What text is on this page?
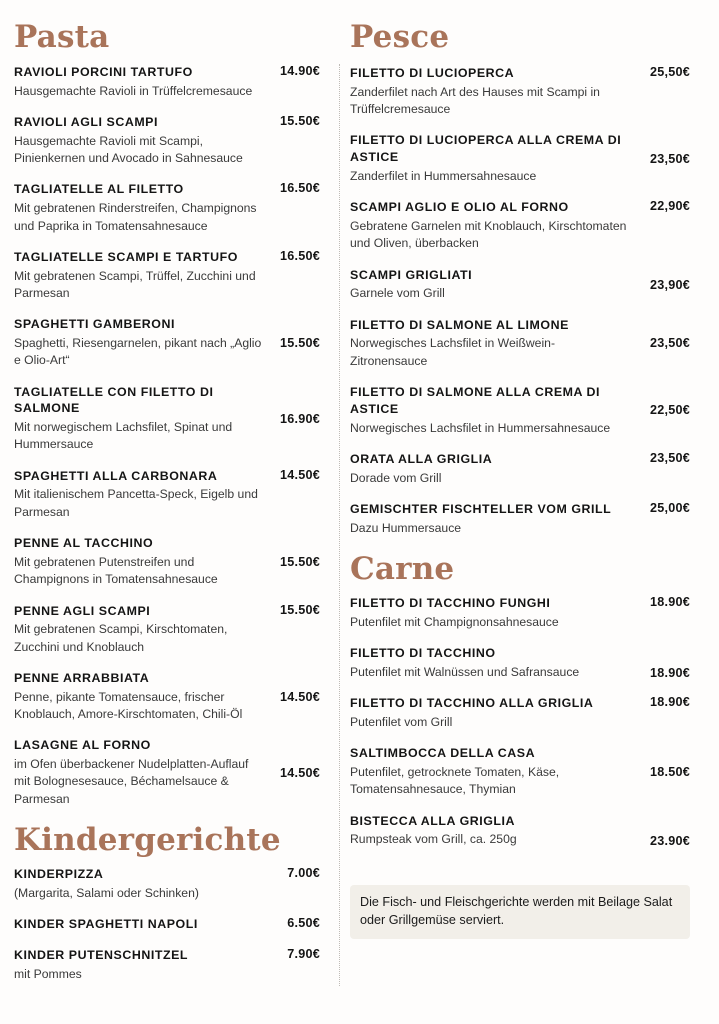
Pasta
RAVIOLI PORCINI TARTUFO
Hausgemachte Ravioli in Trüffelcremesauce
14.90€
RAVIOLI AGLI SCAMPI
Hausgemachte Ravioli mit Scampi, Pinienkernen und Avocado in Sahnesauce
15.50€
TAGLIATELLE AL FILETTO
Mit gebratenen Rinderstreifen, Champignons und Paprika in Tomatensahnesauce
16.50€
TAGLIATELLE SCAMPI E TARTUFO
Mit gebratenen Scampi, Trüffel, Zucchini und Parmesan
16.50€
SPAGHETTI GAMBERONI
Spaghetti, Riesengarnelen, pikant nach „Aglio e Olio-Art“
15.50€
TAGLIATELLE CON FILETTO DI SALMONE
Mit norwegischem Lachsfilet, Spinat und Hummersauce
16.90€
SPAGHETTI ALLA CARBONARA
Mit italienischem Pancetta-Speck, Eigelb und Parmesan
14.50€
PENNE AL TACCHINO
Mit gebratenen Putenstreifen und Champignons in Tomatensahnesauce
15.50€
PENNE AGLI SCAMPI
Mit gebratenen Scampi, Kirschtomaten, Zucchini und Knoblauch
15.50€
PENNE ARRABBIATA
Penne, pikante Tomatensauce, frischer Knoblauch, Amore-Kirschtomaten, Chili-Öl
14.50€
LASAGNE AL FORNO
im Ofen überbackener Nudelplatten-Auflauf mit Bolognesesauce, Béchamelsauce & Parmesan
14.50€
Kindergerichte
KINDERPIZZA
(Margarita, Salami oder Schinken)
7.00€
KINDER SPAGHETTI NAPOLI	6.50€
KINDER PUTENSCHNITZEL
mit Pommes
7.90€
Pesce
FILETTO DI LUCIOPERCA
Zanderfilet nach Art des Hauses mit Scampi in Trüffelcremesauce
25,50€
FILETTO DI LUCIOPERCA ALLA CREMA DI ASTICE
Zanderfilet in Hummersahnesauce
23,50€
SCAMPI AGLIO E OLIO AL FORNO
Gebratene Garnelen mit Knoblauch, Kirschtomaten und Oliven, überbacken
22,90€
SCAMPI GRIGLIATI
Garnele vom Grill
23,90€
FILETTO DI SALMONE AL LIMONE
Norwegisches Lachsfilet in Weißwein-Zitronensauce
23,50€
FILETTO DI SALMONE ALLA CREMA DI ASTICE
Norwegisches Lachsfilet in Hummersahnesauce
22,50€
ORATA ALLA GRIGLIA
Dorade vom Grill
23,50€
GEMISCHTER FISCHTELLER VOM GRILL
Dazu Hummersauce
25,00€
Carne
FILETTO DI TACCHINO FUNGHI
Putenfilet mit Champignonsahnesauce
18.90€
FILETTO DI TACCHINO
Putenfilet mit Walnüssen und Safransauce	18.90€
FILETTO DI TACCHINO ALLA GRIGLIA
Putenfilet vom Grill
18.90€
SALTIMBOCCA DELLA CASA
Putenfilet, getrocknete Tomaten, Käse, Tomatensahnesauce, Thymian
18.50€
BISTECCA ALLA GRIGLIA
Rumpsteak vom Grill, ca. 250g	23.90€
Die Fisch- und Fleischgerichte werden mit Beilage Salat oder Grillgemüse serviert.
